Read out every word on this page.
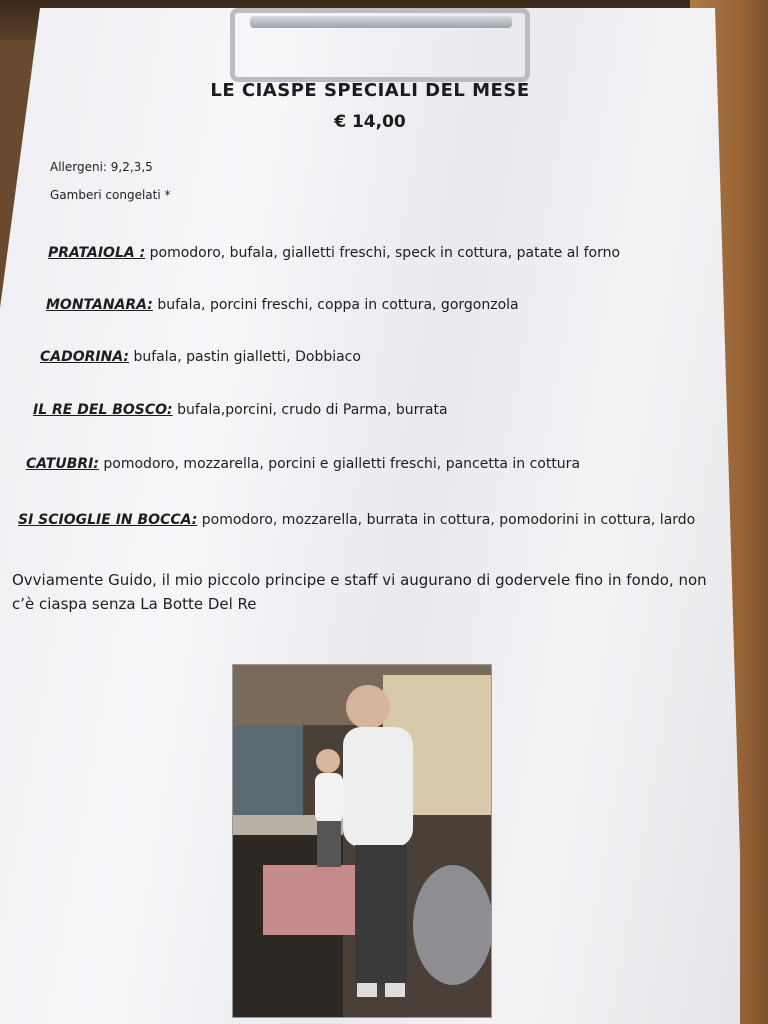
LE CIASPE SPECIALI DEL MESE
€ 14,00
Allergeni: 9,2,3,5
Gamberi congelati *
PRATAIOLA : pomodoro, bufala, gialletti freschi, speck in cottura, patate al forno
MONTANARA: bufala, porcini freschi, coppa in cottura, gorgonzola
CADORINA: bufala, pastin gialletti, Dobbiaco
IL RE DEL BOSCO: bufala,porcini, crudo di Parma, burrata
CATUBRI: pomodoro, mozzarella, porcini e gialletti freschi, pancetta in cottura
SI SCIOGLIE IN BOCCA: pomodoro, mozzarella, burrata in cottura, pomodorini in cottura, lardo
Ovviamente Guido, il mio piccolo principe e staff vi augurano di godervele fino in fondo, non c’è ciaspa senza La Botte Del Re
